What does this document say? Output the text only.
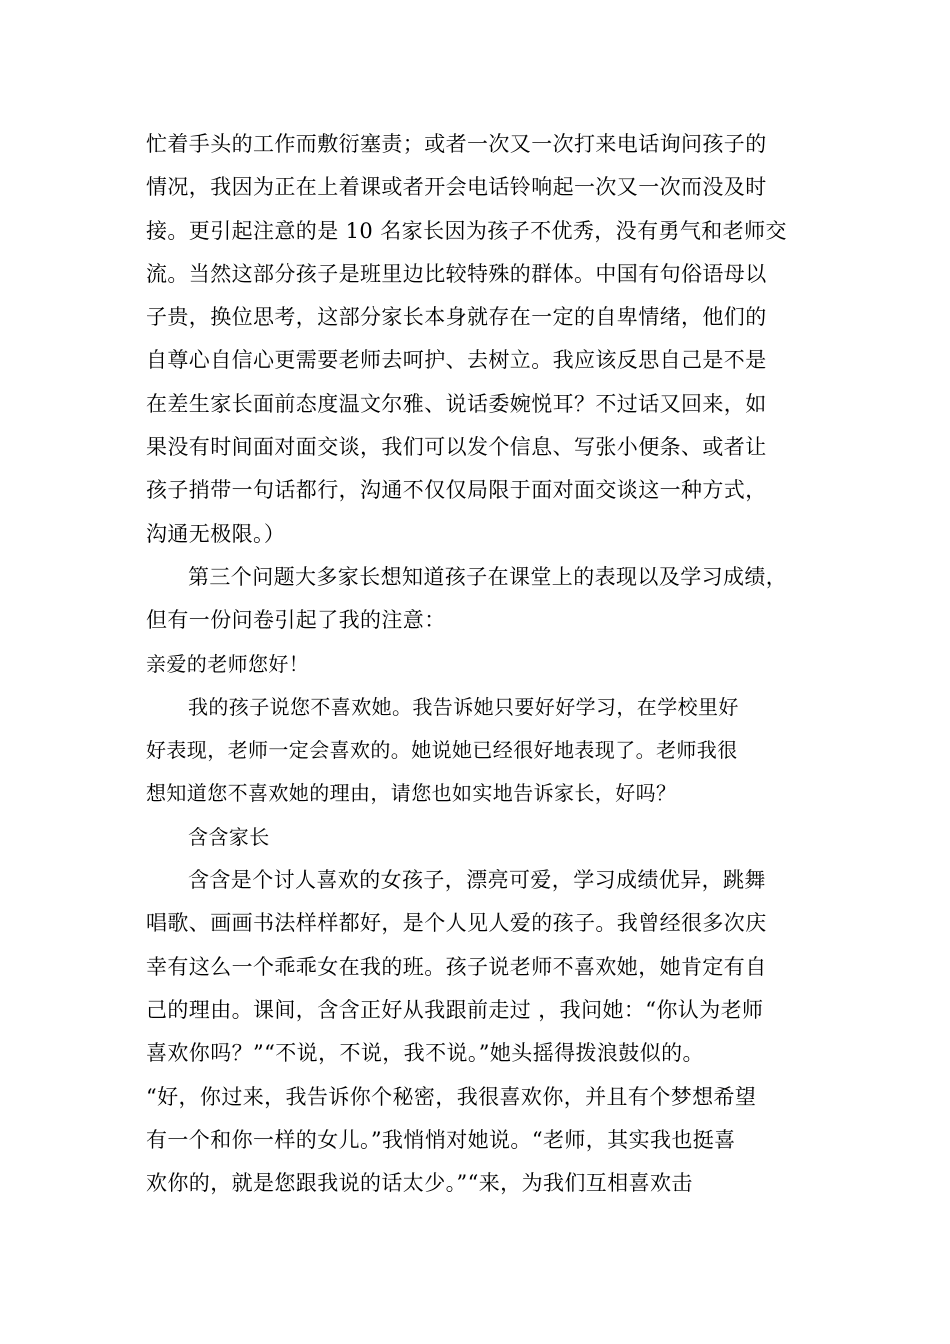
忙着手头的工作而敷衍塞责；或者一次又一次打来电话询问孩子的
情况，我因为正在上着课或者开会电话铃响起一次又一次而没及时
接。更引起注意的是 10 名家长因为孩子不优秀，没有勇气和老师交
流。当然这部分孩子是班里边比较特殊的群体。中国有句俗语母以
子贵，换位思考，这部分家长本身就存在一定的自卑情绪，他们的
自尊心自信心更需要老师去呵护、去树立。我应该反思自己是不是
在差生家长面前态度温文尔雅、说话委婉悦耳？不过话又回来，如
果没有时间面对面交谈，我们可以发个信息、写张小便条、或者让
孩子捎带一句话都行，沟通不仅仅局限于面对面交谈这一种方式，
沟通无极限。）
第三个问题大多家长想知道孩子在课堂上的表现以及学习成绩，
但有一份问卷引起了我的注意：
亲爱的老师您好！
我的孩子说您不喜欢她。我告诉她只要好好学习，在学校里好
好表现，老师一定会喜欢的。她说她已经很好地表现了。老师我很
想知道您不喜欢她的理由，请您也如实地告诉家长，好吗？
含含家长
含含是个讨人喜欢的女孩子，漂亮可爱，学习成绩优异，跳舞
唱歌、画画书法样样都好，是个人见人爱的孩子。我曾经很多次庆
幸有这么一个乖乖女在我的班。孩子说老师不喜欢她，她肯定有自
己的理由。课间，含含正好从我跟前走过 ，我问她：“你认为老师
喜欢你吗？”“不说，不说，我不说。”她头摇得拨浪鼓似的。
“好，你过来，我告诉你个秘密，我很喜欢你，并且有个梦想希望
有一个和你一样的女儿。”我悄悄对她说。“老师，其实我也挺喜
欢你的，就是您跟我说的话太少。”“来，为我们互相喜欢击
